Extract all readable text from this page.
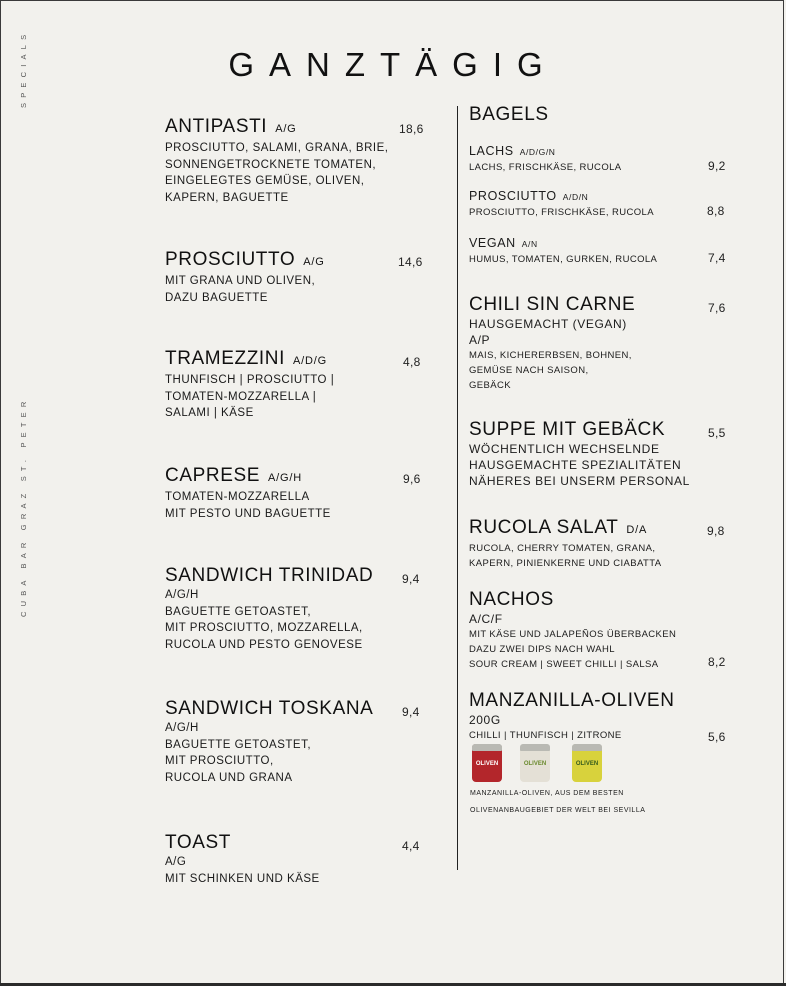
SPECIALS
CUBA BAR GRAZ ST. PETER
GANZTÄGIG
ANTIPASTI A/G
PROSCIUTTO, SALAMI, GRANA, BRIE,
SONNENGETROCKNETE TOMATEN,
EINGELEGTES GEMÜSE, OLIVEN,
KAPERN, BAGUETTE
18,6
PROSCIUTTO A/G
MIT GRANA UND OLIVEN,
DAZU BAGUETTE
14,6
TRAMEZZINI A/D/G
THUNFISCH | PROSCIUTTO |
TOMATEN-MOZZARELLA |
SALAMI | KÄSE
4,8
CAPRESE A/G/H
TOMATEN-MOZZARELLA
MIT PESTO UND BAGUETTE
9,6
SANDWICH TRINIDAD
A/G/H
BAGUETTE GETOASTET,
MIT PROSCIUTTO, MOZZARELLA,
RUCOLA UND PESTO GENOVESE
9,4
SANDWICH TOSKANA
A/G/H
BAGUETTE GETOASTET,
MIT PROSCIUTTO,
RUCOLA UND GRANA
9,4
TOAST
A/G
MIT SCHINKEN UND KÄSE
4,4
BAGELS
LACHS A/D/G/N
LACHS, FRISCHKÄSE, RUCOLA	9,2
PROSCIUTTO A/D/N
PROSCIUTTO, FRISCHKÄSE, RUCOLA	8,8
VEGAN A/N
HUMUS, TOMATEN, GURKEN, RUCOLA	7,4
CHILI SIN CARNE
HAUSGEMACHT (VEGAN)
A/P
MAIS, KICHERERBSEN, BOHNEN,
GEMÜSE NACH SAISON,
GEBÄCK
7,6
SUPPE MIT GEBÄCK
WÖCHENTLICH WECHSELNDE
HAUSGEMACHTE SPEZIALITÄTEN
NÄHERES BEI UNSERM PERSONAL
5,5
RUCOLA SALAT D/A
RUCOLA, CHERRY TOMATEN, GRANA,
KAPERN, PINIENKERNE UND CIABATTA
9,8
NACHOS
A/C/F
MIT KÄSE UND JALAPEÑOS ÜBERBACKEN
DAZU ZWEI DIPS NACH WAHL
SOUR CREAM | SWEET CHILLI | SALSA	8,2
MANZANILLA-OLIVEN
200G
CHILLI | THUNFISCH | ZITRONE	5,6
OLIVEN	OLIVEN	OLIVEN
MANZANILLA-OLIVEN, AUS DEM BESTEN
OLIVENANBAUGEBIET DER WELT BEI SEVILLA
